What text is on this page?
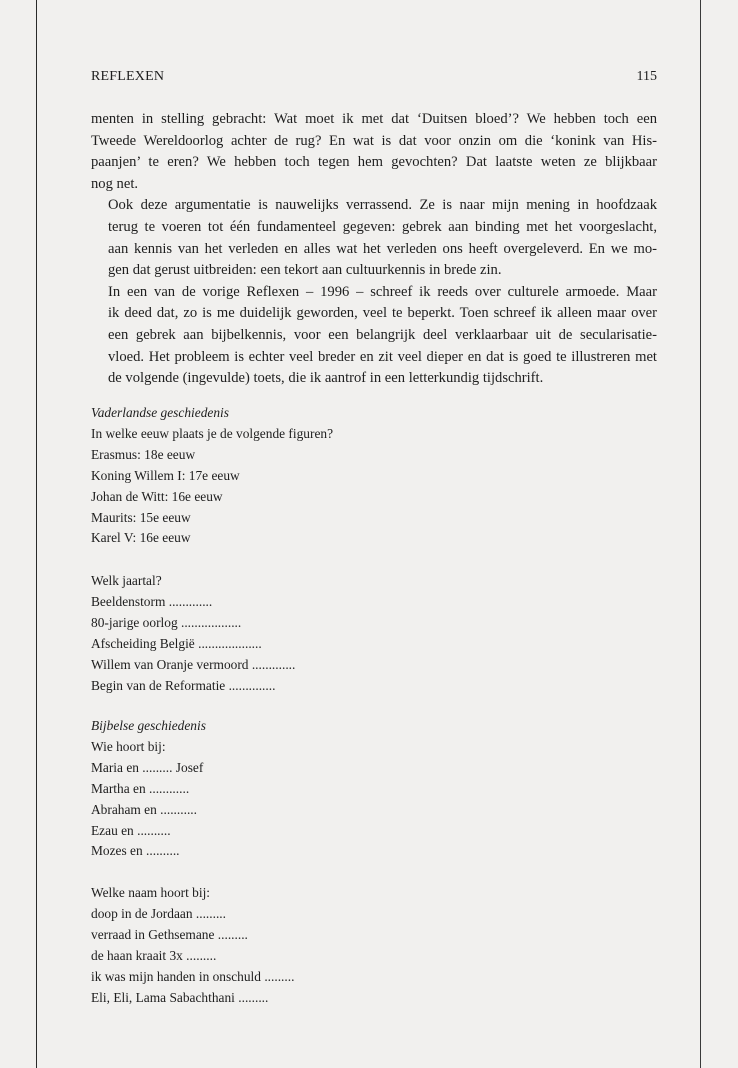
REFLEXEN	115

menten in stelling gebracht: Wat moet ik met dat ‘Duitsen bloed’? We hebben toch een
Tweede Wereldoorlog achter de rug? En wat is dat voor onzin om die ‘konink van His-
paanjen’ te eren? We hebben toch tegen hem gevochten? Dat laatste weten ze blijkbaar
nog net.

Ook deze argumentatie is nauwelijks verrassend. Ze is naar mijn mening in hoofdzaak
terug te voeren tot één fundamenteel gegeven: gebrek aan binding met het voorgeslacht,
aan kennis van het verleden en alles wat het verleden ons heeft overgeleverd. En we mo-
gen dat gerust uitbreiden: een tekort aan cultuurkennis in brede zin.

In een van de vorige Reflexen – 1996 – schreef ik reeds over culturele armoede. Maar
ik deed dat, zo is me duidelijk geworden, veel te beperkt. Toen schreef ik alleen maar over
een gebrek aan bijbelkennis, voor een belangrijk deel verklaarbaar uit de secularisatie-
vloed. Het probleem is echter veel breder en zit veel dieper en dat is goed te illustreren met
de volgende (ingevulde) toets, die ik aantrof in een letterkundig tijdschrift.

Vaderlandse geschiedenis
In welke eeuw plaats je de volgende figuren?
Erasmus: 18e eeuw
Koning Willem I: 17e eeuw
Johan de Witt: 16e eeuw
Maurits: 15e eeuw
Karel V: 16e eeuw
Welk jaartal?
Beeldenstorm .............
80-jarige oorlog ..................
Afscheiding België ...................
Willem van Oranje vermoord .............
Begin van de Reformatie ..............
Bijbelse geschiedenis
Wie hoort bij:
Maria en ......... Josef
Martha en ............
Abraham en ...........
Ezau en ..........
Mozes en ..........
Welke naam hoort bij:
doop in de Jordaan .........
verraad in Gethsemane .........
de haan kraait 3x .........
ik was mijn handen in onschuld .........
Eli, Eli, Lama Sabachthani .........
